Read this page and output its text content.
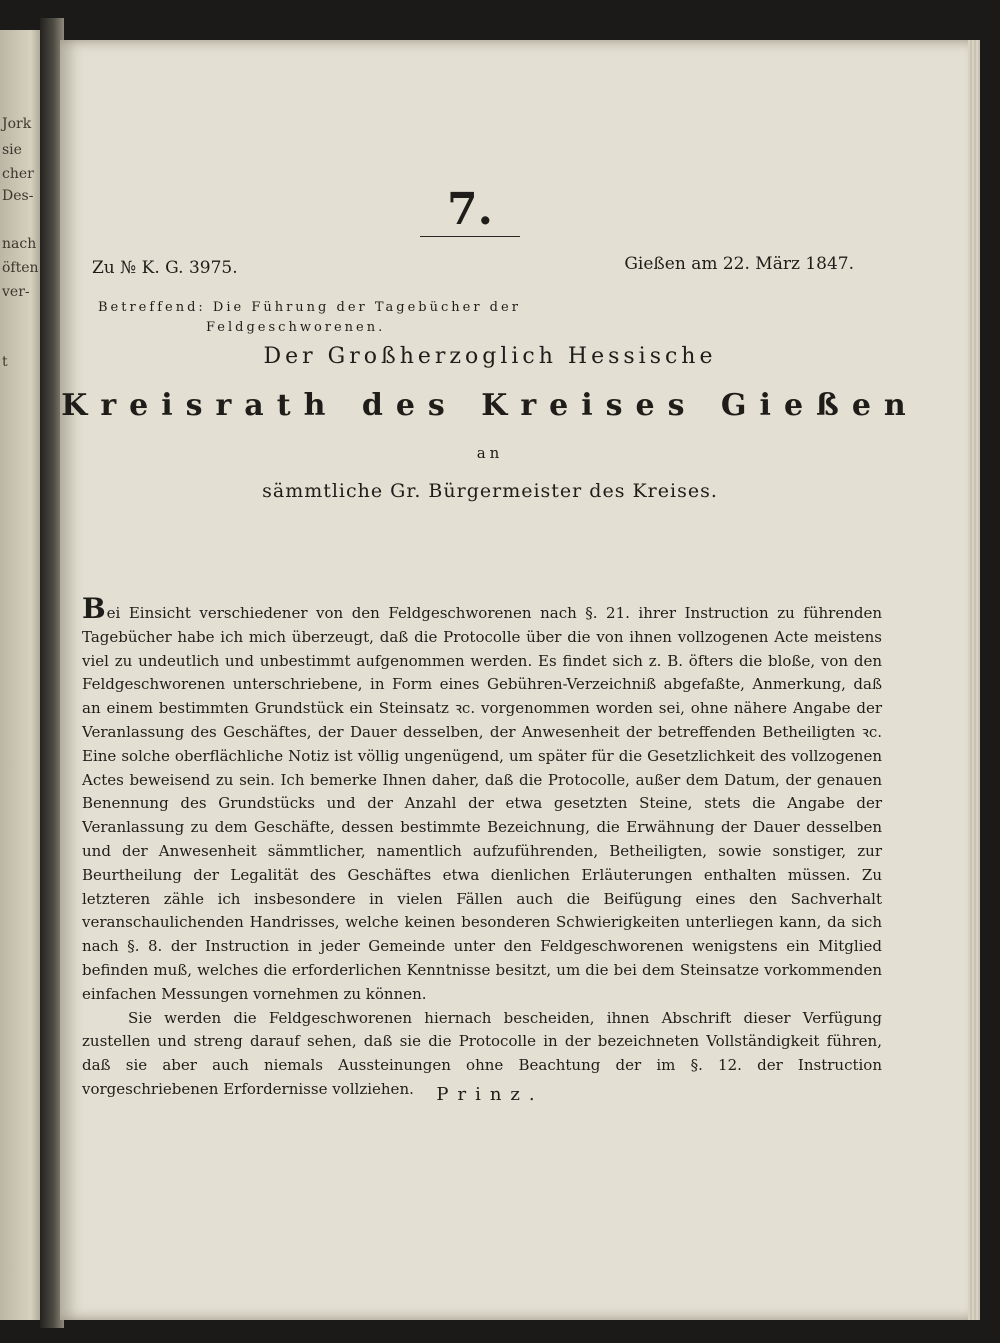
Jork
sie
cher
Des-
nach
öften
ver-
t
7.
Zu № K. G. 3975.	Gießen am 22. März 1847.
Betreffend: Die Führung der Tagebücher der
Feldgeschworenen.
Der Großherzoglich Hessische
Kreisrath des Kreises Gießen
an
sämmtliche Gr. Bürgermeister des Kreises.

Bei Einsicht verschiedener von den Feldgeschworenen nach §. 21. ihrer Instruction zu führenden Tagebücher habe ich mich überzeugt, daß die Protocolle über die von ihnen vollzogenen Acte meistens viel zu undeutlich und unbestimmt aufgenommen werden. Es findet sich z. B. öfters die bloße, von den Feldgeschworenen unterschriebene, in Form eines Gebühren-Verzeichniß abgefaßte, Anmerkung, daß an einem bestimmten Grundstück ein Steinsatz ꝛc. vorgenommen worden sei, ohne nähere Angabe der Veranlassung des Geschäftes, der Dauer desselben, der Anwesenheit der betreffenden Betheiligten ꝛc. Eine solche oberflächliche Notiz ist völlig ungenügend, um später für die Gesetzlichkeit des vollzogenen Actes beweisend zu sein. Ich bemerke Ihnen daher, daß die Protocolle, außer dem Datum, der genauen Benennung des Grundstücks und der Anzahl der etwa gesetzten Steine, stets die Angabe der Veranlassung zu dem Geschäfte, dessen bestimmte Bezeichnung, die Erwähnung der Dauer desselben und der Anwesenheit sämmtlicher, namentlich aufzuführenden, Betheiligten, sowie sonstiger, zur Beurtheilung der Legalität des Geschäftes etwa dienlichen Erläuterungen enthalten müssen. Zu letzteren zähle ich insbesondere in vielen Fällen auch die Beifügung eines den Sachverhalt veranschaulichenden Handrisses, welche keinen besonderen Schwierigkeiten unterliegen kann, da sich nach §. 8. der Instruction in jeder Gemeinde unter den Feldgeschworenen wenigstens ein Mitglied befinden muß, welches die erforderlichen Kenntnisse besitzt, um die bei dem Steinsatze vorkommenden einfachen Messungen vornehmen zu können.

Sie werden die Feldgeschworenen hiernach bescheiden, ihnen Abschrift dieser Verfügung zustellen und streng darauf sehen, daß sie die Protocolle in der bezeichneten Vollständigkeit führen, daß sie aber auch niemals Aussteinungen ohne Beachtung der im §. 12. der Instruction vorgeschriebenen Erfordernisse vollziehen.	Prinz.
